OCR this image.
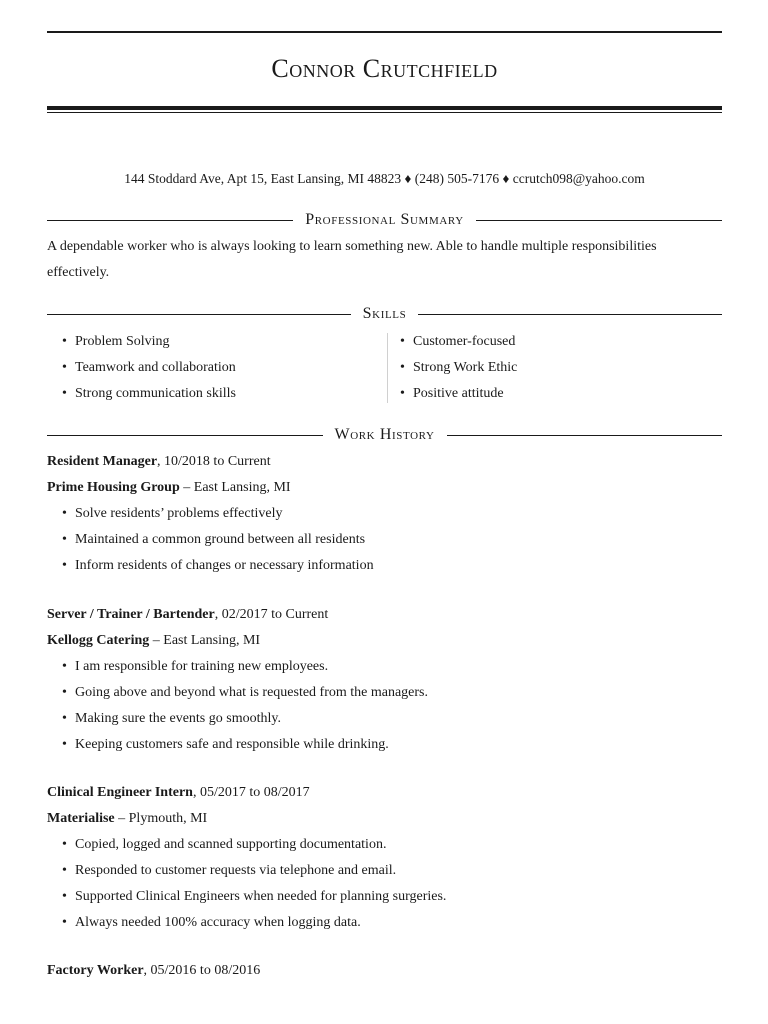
Connor Crutchfield
144 Stoddard Ave, Apt 15, East Lansing, MI 48823 ♦ (248) 505-7176 ♦ ccrutch098@yahoo.com
Professional Summary
A dependable worker who is always looking to learn something new. Able to handle multiple responsibilities
effectively.
Skills
• Problem Solving
• Teamwork and collaboration
• Strong communication skills
• Customer-focused
• Strong Work Ethic
• Positive attitude
Work History
Resident Manager, 10/2018 to Current
Prime Housing Group – East Lansing, MI
• Solve residents’ problems effectively
• Maintained a common ground between all residents
• Inform residents of changes or necessary information
Server / Trainer / Bartender, 02/2017 to Current
Kellogg Catering – East Lansing, MI
• I am responsible for training new employees.
• Going above and beyond what is requested from the managers.
• Making sure the events go smoothly.
• Keeping customers safe and responsible while drinking.
Clinical Engineer Intern, 05/2017 to 08/2017
Materialise – Plymouth, MI
• Copied, logged and scanned supporting documentation.
• Responded to customer requests via telephone and email.
• Supported Clinical Engineers when needed for planning surgeries.
• Always needed 100% accuracy when logging data.
Factory Worker, 05/2016 to 08/2016
